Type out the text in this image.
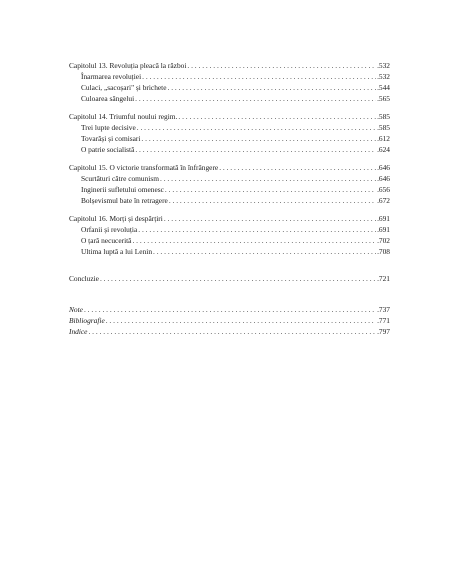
Capitolul 13. Revoluția pleacă la război . . .	.532
Înarmarea revoluției . . .	.532
Culaci, „sacoșari" și brichete . . .	.544
Culoarea sângelui . . .	.565
Capitolul 14. Triumful noului regim. . . .	.585
Trei lupte decisive . . .	.585
Tovarăși și comisari . . .	.612
O patrie socialistă . . .	.624
Capitolul 15. O victorie transformată în înfrângere . . .	.646
Scurtături către comunism . . .	.646
Inginerii sufletului omenesc . . .	.656
Bolșevismul bate în retragere . . .	.672
Capitolul 16. Morți și despărțiri . . .	.691
Orfanii și revoluția . . .	.691
O țară necucerită . . .	.702
Ultima luptă a lui Lenin . . .	.708
Concluzie . . .	.721
Note . . .	.737
Bibliografie . . .	.771
Indice . . .	.797
